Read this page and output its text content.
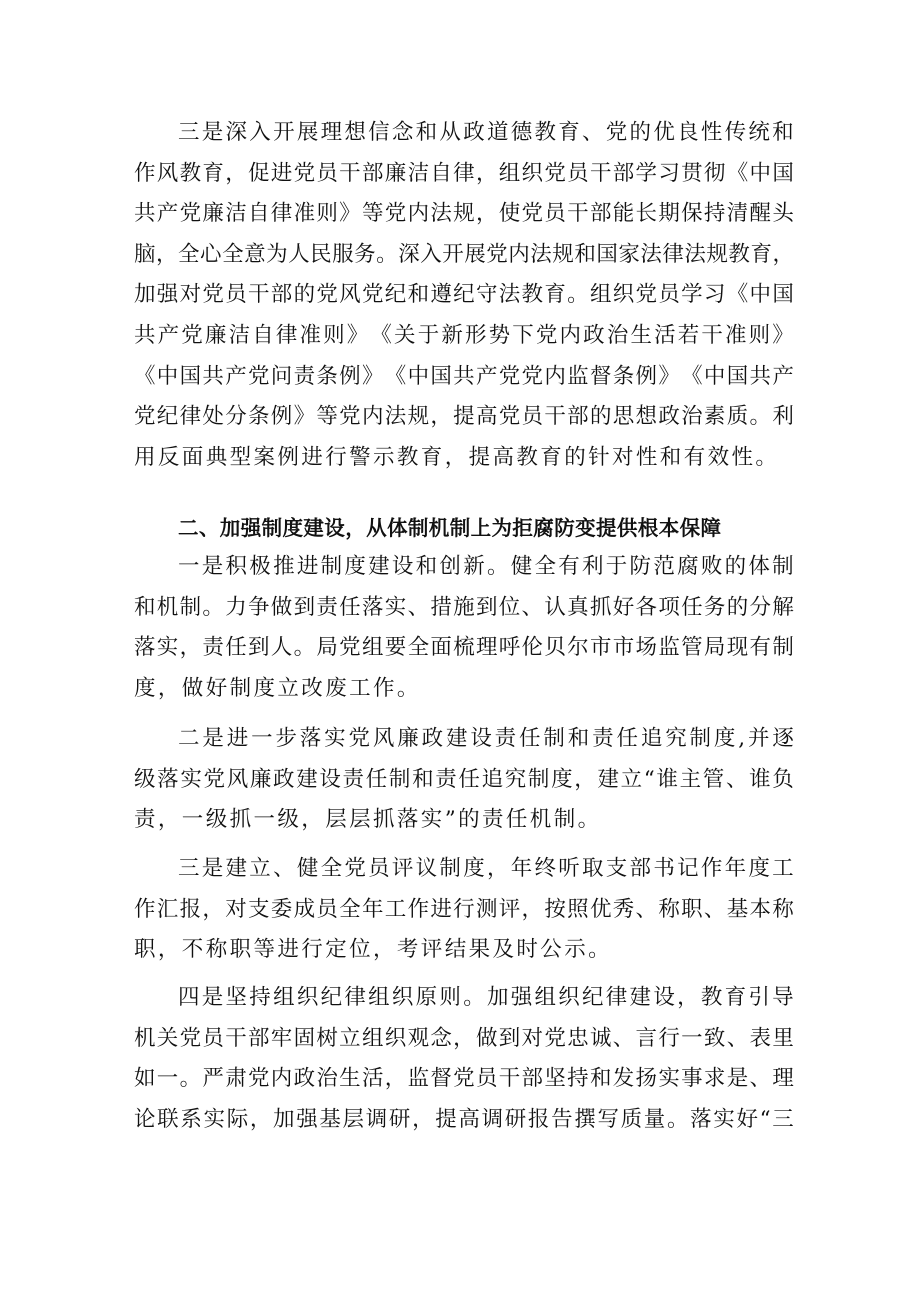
三 是 深 入 开 展 理 想 信 念 和 从 政 道 德 教 育 、 党 的 优 良 性 传 统 和
作 风 教 育 ， 促 进 党 员 干 部 廉 洁 自 律 ， 组 织 党 员 干 部 学 习 贯 彻 《 中 国
共 产 党 廉 洁 自 律 准 则 》 等 党 内 法 规 ， 使 党 员 干 部 能 长 期 保 持 清 醒 头
脑 ， 全 心 全 意 为 人 民 服 务 。 深 入 开 展 党 内 法 规 和 国 家 法 律 法 规 教 育 ，
加 强 对 党 员 干 部 的 党 风 党 纪 和 遵 纪 守 法 教 育 。 组 织 党 员 学 习 《 中 国
共 产 党 廉 洁 自 律 准 则 》 《 关 于 新 形 势 下 党 内 政 治 生 活 若 干 准 则 》
《 中 国 共 产 党 问 责 条 例 》 《 中 国 共 产 党 党 内 监 督 条 例 》 《 中 国 共 产
党 纪 律 处 分 条 例 》 等 党 内 法 规 ， 提 高 党 员 干 部 的 思 想 政 治 素 质 。 利
用反面典型案例进行警示教育，提高教育的针对性和有效性。
二、加强制度建设，从体制机制上为拒腐防变提供根本保障
一 是 积 极 推 进 制 度 建 设 和 创 新 。 健 全 有 利 于 防 范 腐 败 的 体 制
和 机 制 。 力 争 做 到 责 任 落 实 、 措 施 到 位 、 认 真 抓 好 各 项 任 务 的 分 解
落 实 ， 责 任 到 人 。 局 党 组 要 全 面 梳 理 呼 伦 贝 尔 市 市 场 监 管 局 现 有 制
度，做好制度立改废工作。
二 是 进 一 步 落 实 党 风 廉 政 建 设 责 任 制 和 责 任 追 究 制 度 , 并 逐
级 落 实 党 风 廉 政 建 设 责 任 制 和 责 任 追 究 制 度 ， 建 立 “ 谁 主 管 、 谁 负
责，一级抓一级，层层抓落实”的责任机制。
三 是 建 立 、 健 全 党 员 评 议 制 度 ， 年 终 听 取 支 部 书 记 作 年 度 工
作 汇 报 ， 对 支 委 成 员 全 年 工 作 进 行 测 评 ， 按 照 优 秀 、 称 职 、 基 本 称
职，不称职等进行定位，考评结果及时公示。
四 是 坚 持 组 织 纪 律 组 织 原 则 。 加 强 组 织 纪 律 建 设 ， 教 育 引 导
机 关 党 员 干 部 牢 固 树 立 组 织 观 念 ， 做 到 对 党 忠 诚 、 言 行 一 致 、 表 里
如 一 。 严 肃 党 内 政 治 生 活 ， 监 督 党 员 干 部 坚 持 和 发 扬 实 事 求 是 、 理
论 联 系 实 际 ， 加 强 基 层 调 研 ， 提 高 调 研 报 告 撰 写 质 量 。 落 实 好 “ 三
